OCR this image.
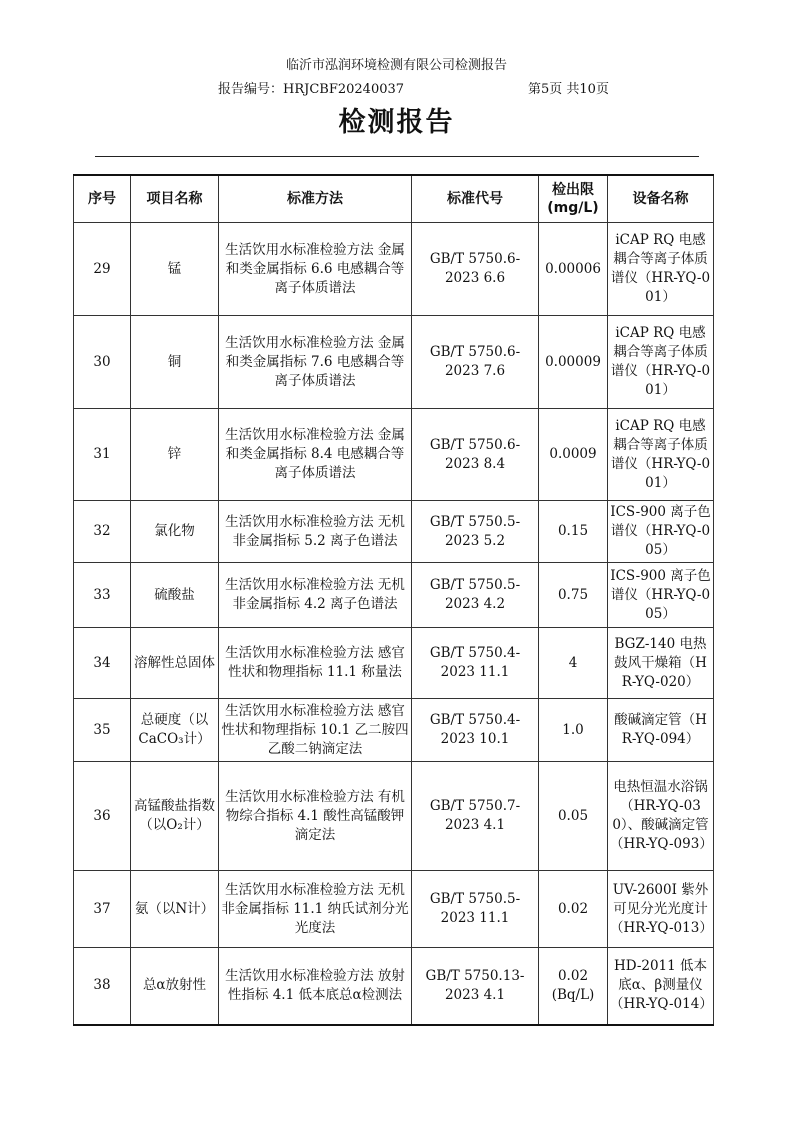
临沂市泓润环境检测有限公司检测报告
报告编号：HRJCBF20240037	第5页 共10页
检测报告
序号	项目名称	标准方法	标准代号	检出限 (mg/L)	设备名称
29	锰	生活饮用水标准检验方法 金属和类金属指标 6.6 电感耦合等离子体质谱法	GB/T 5750.6-2023 6.6	0.00006	iCAP RQ 电感耦合等离子体质谱仪（HR-YQ-001）
30	铜	生活饮用水标准检验方法 金属和类金属指标 7.6 电感耦合等离子体质谱法	GB/T 5750.6-2023 7.6	0.00009	iCAP RQ 电感耦合等离子体质谱仪（HR-YQ-001）
31	锌	生活饮用水标准检验方法 金属和类金属指标 8.4 电感耦合等离子体质谱法	GB/T 5750.6-2023 8.4	0.0009	iCAP RQ 电感耦合等离子体质谱仪（HR-YQ-001）
32	氯化物	生活饮用水标准检验方法 无机非金属指标 5.2 离子色谱法	GB/T 5750.5-2023 5.2	0.15	ICS-900 离子色谱仪（HR-YQ-005）
33	硫酸盐	生活饮用水标准检验方法 无机非金属指标 4.2 离子色谱法	GB/T 5750.5-2023 4.2	0.75	ICS-900 离子色谱仪（HR-YQ-005）
34	溶解性总固体	生活饮用水标准检验方法 感官性状和物理指标 11.1 称量法	GB/T 5750.4-2023 11.1	4	BGZ-140 电热鼓风干燥箱（HR-YQ-020）
35	总硬度（以CaCO₃计）	生活饮用水标准检验方法 感官性状和物理指标 10.1 乙二胺四乙酸二钠滴定法	GB/T 5750.4-2023 10.1	1.0	酸碱滴定管（HR-YQ-094）
36	高锰酸盐指数（以O₂计）	生活饮用水标准检验方法 有机物综合指标 4.1 酸性高锰酸钾滴定法	GB/T 5750.7-2023 4.1	0.05	电热恒温水浴锅（HR-YQ-030）、酸碱滴定管（HR-YQ-093）
37	氨（以N计）	生活饮用水标准检验方法 无机非金属指标 11.1 纳氏试剂分光光度法	GB/T 5750.5-2023 11.1	0.02	UV-2600I 紫外可见分光光度计（HR-YQ-013）
38	总α放射性	生活饮用水标准检验方法 放射性指标 4.1 低本底总α检测法	GB/T 5750.13-2023 4.1	0.02 (Bq/L)	HD-2011 低本底α、β测量仪（HR-YQ-014）
